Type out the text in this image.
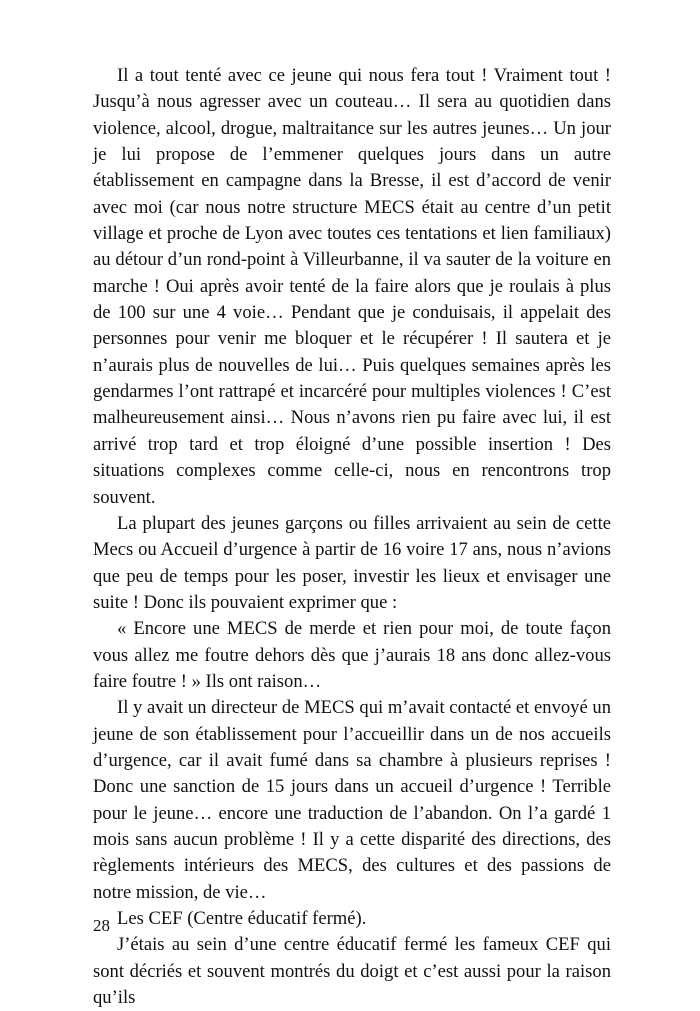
Il a tout tenté avec ce jeune qui nous fera tout ! Vraiment tout ! Jusqu’à nous agresser avec un couteau… Il sera au quotidien dans violence, alcool, drogue, maltraitance sur les autres jeunes… Un jour je lui propose de l’emmener quelques jours dans un autre établissement en campagne dans la Bresse, il est d’accord de venir avec moi (car nous notre structure MECS était au centre d’un petit village et proche de Lyon avec toutes ces tentations et lien familiaux) au détour d’un rond-point à Villeurbanne, il va sauter de la voiture en marche ! Oui après avoir tenté de la faire alors que je roulais à plus de 100 sur une 4 voie… Pendant que je conduisais, il appelait des personnes pour venir me bloquer et le récupérer ! Il sautera et je n’aurais plus de nouvelles de lui… Puis quelques semaines après les gendarmes l’ont rattrapé et incarcéré pour multiples violences ! C’est malheureusement ainsi… Nous n’avons rien pu faire avec lui, il est arrivé trop tard et trop éloigné d’une possible insertion ! Des situations complexes comme celle-ci, nous en rencontrons trop souvent.

La plupart des jeunes garçons ou filles arrivaient au sein de cette Mecs ou Accueil d’urgence à partir de 16 voire 17 ans, nous n’avions que peu de temps pour les poser, investir les lieux et envisager une suite ! Donc ils pouvaient exprimer que :

« Encore une MECS de merde et rien pour moi, de toute façon vous allez me foutre dehors dès que j’aurais 18 ans donc allez-vous faire foutre ! » Ils ont raison…

Il y avait un directeur de MECS qui m’avait contacté et envoyé un jeune de son établissement pour l’accueillir dans un de nos accueils d’urgence, car il avait fumé dans sa chambre à plusieurs reprises ! Donc une sanction de 15 jours dans un accueil d’urgence ! Terrible pour le jeune… encore une traduction de l’abandon. On l’a gardé 1 mois sans aucun problème ! Il y a cette disparité des directions, des règlements intérieurs des MECS, des cultures et des passions de notre mission, de vie…

Les CEF (Centre éducatif fermé).

J’étais au sein d’une centre éducatif fermé les fameux CEF qui sont décriés et souvent montrés du doigt et c’est aussi pour la raison qu’ils

28
